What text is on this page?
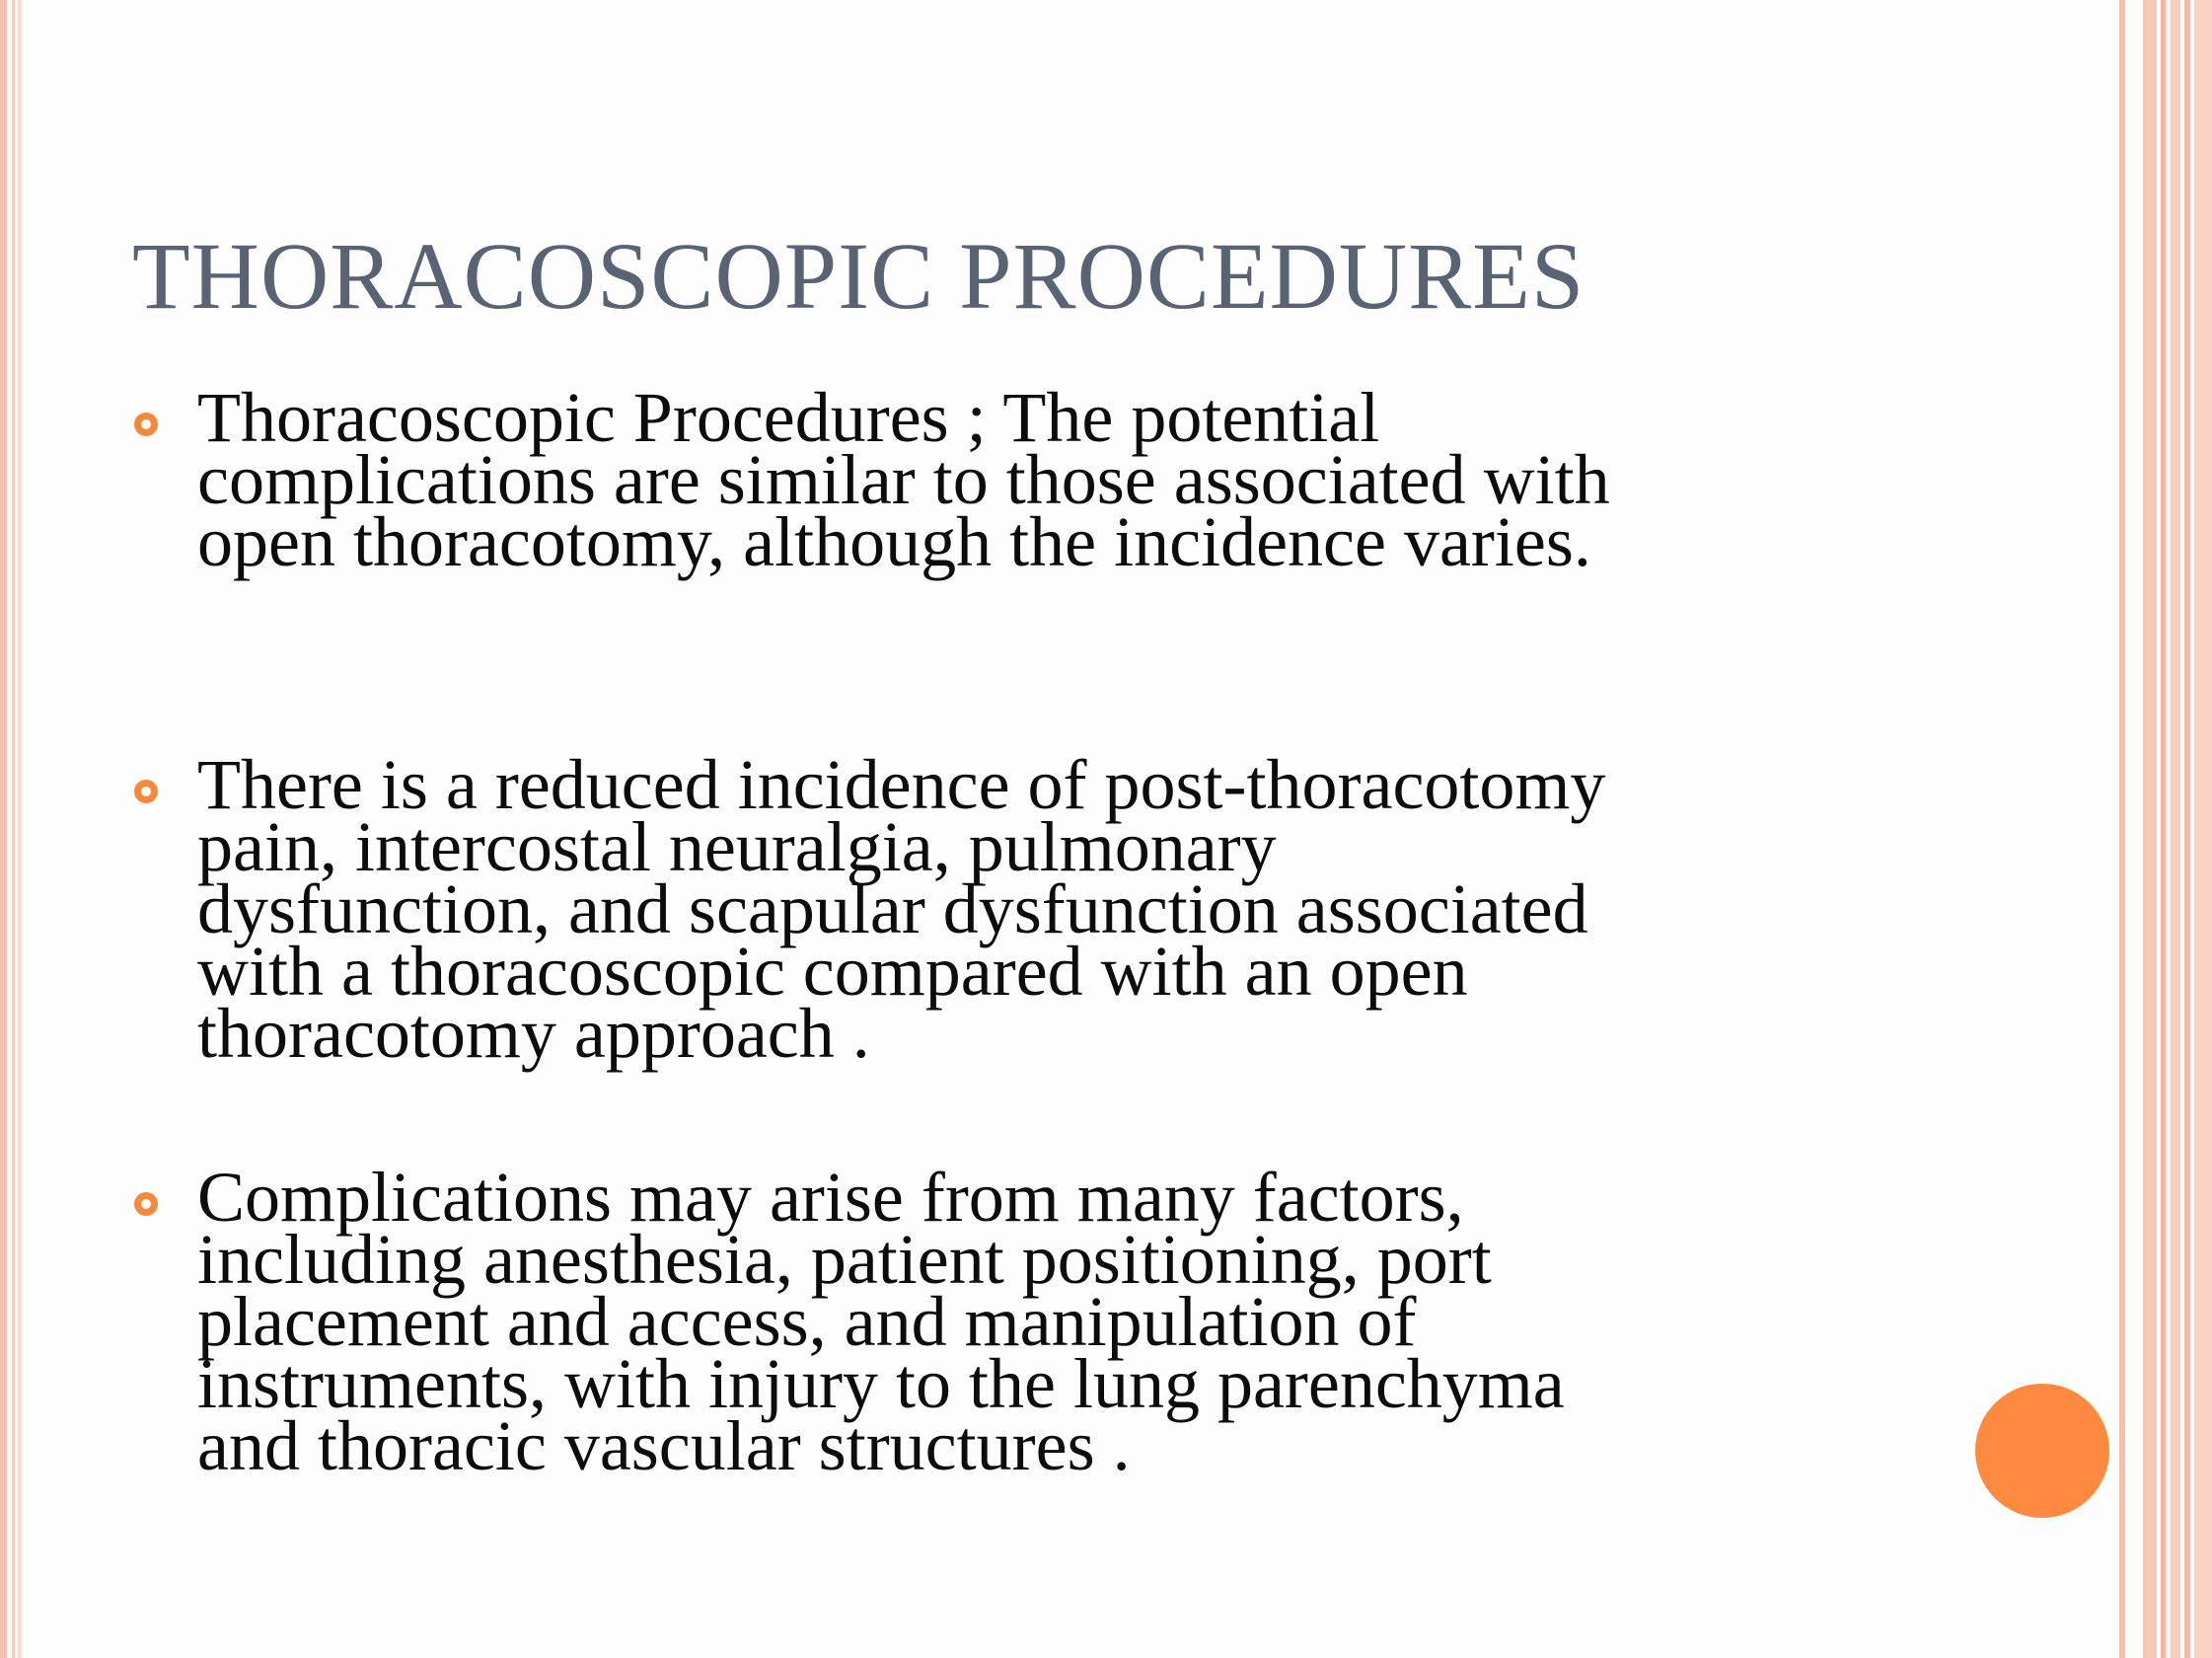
THORACOSCOPIC PROCEDURES
Thoracoscopic Procedures ; The potential
complications are similar to those associated with
open thoracotomy, although the incidence varies.
There is a reduced incidence of post-thoracotomy
pain, intercostal neuralgia, pulmonary
dysfunction, and scapular dysfunction associated
with a thoracoscopic compared with an open
thoracotomy approach .
Complications may arise from many factors,
including anesthesia, patient positioning, port
placement and access, and manipulation of
instruments, with injury to the lung parenchyma
and thoracic vascular structures .
